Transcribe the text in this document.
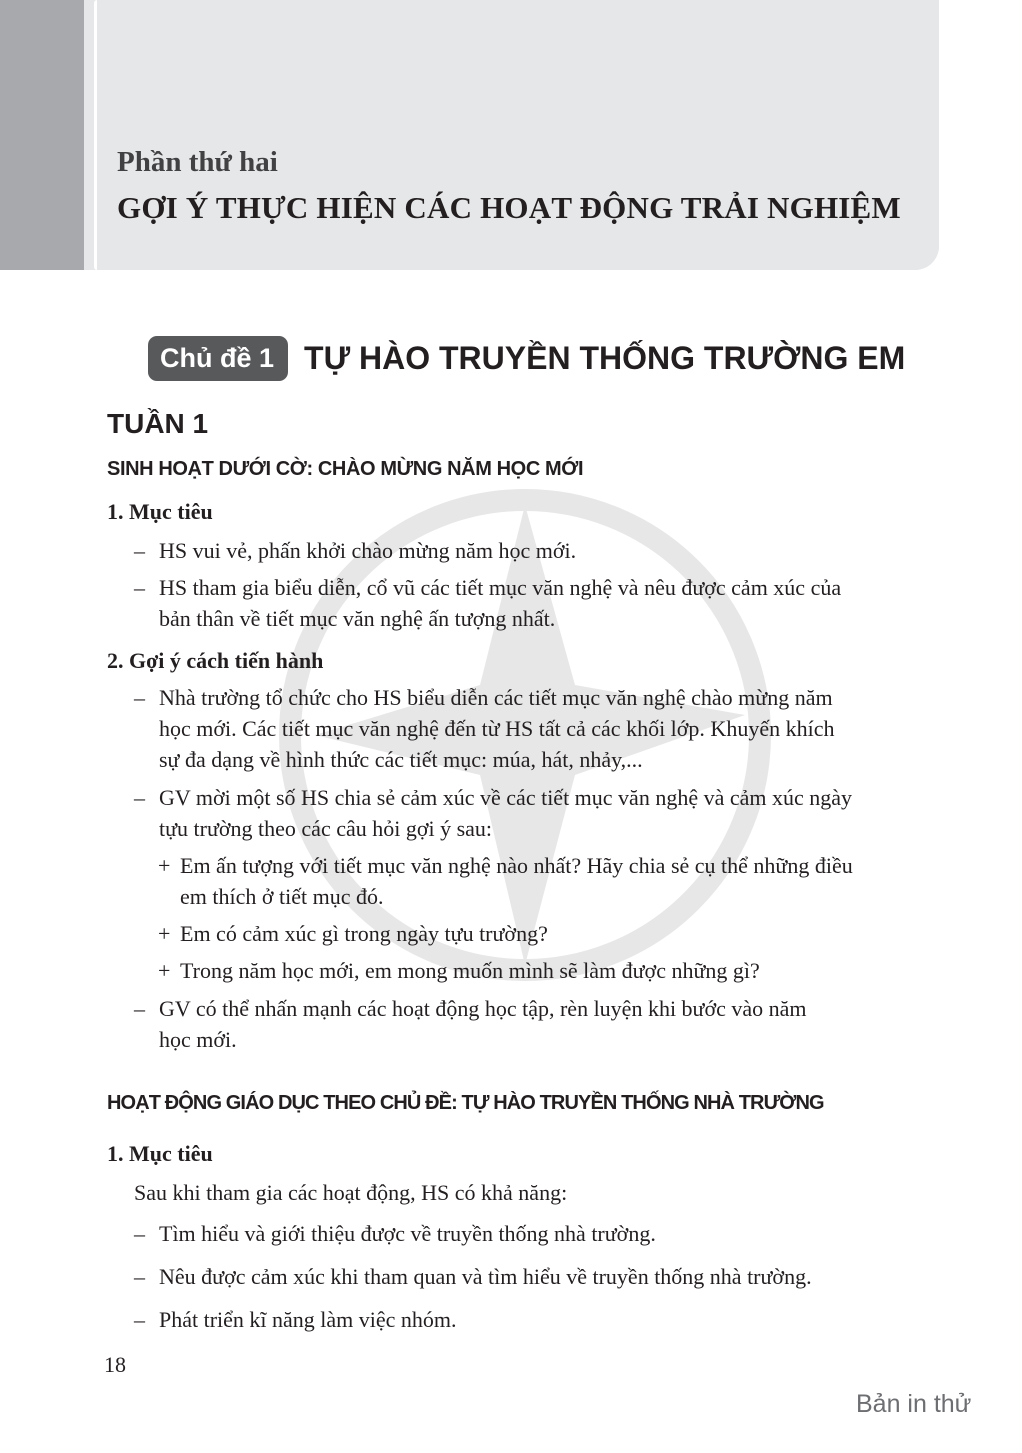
Phần thứ hai
GỢI Ý THỰC HIỆN CÁC HOẠT ĐỘNG TRẢI NGHIỆM
Chủ đề 1 TỰ HÀO TRUYỀN THỐNG TRƯỜNG EM
TUẦN 1
SINH HOẠT DƯỚI CỜ: CHÀO MỪNG NĂM HỌC MỚI
1. Mục tiêu
– HS vui vẻ, phấn khởi chào mừng năm học mới.
– HS tham gia biểu diễn, cổ vũ các tiết mục văn nghệ và nêu được cảm xúc của
bản thân về tiết mục văn nghệ ấn tượng nhất.
2. Gợi ý cách tiến hành
– Nhà trường tổ chức cho HS biểu diễn các tiết mục văn nghệ chào mừng năm
học mới. Các tiết mục văn nghệ đến từ HS tất cả các khối lớp. Khuyến khích
sự đa dạng về hình thức các tiết mục: múa, hát, nhảy,...
– GV mời một số HS chia sẻ cảm xúc về các tiết mục văn nghệ và cảm xúc ngày
tựu trường theo các câu hỏi gợi ý sau:
+ Em ấn tượng với tiết mục văn nghệ nào nhất? Hãy chia sẻ cụ thể những điều
em thích ở tiết mục đó.
+ Em có cảm xúc gì trong ngày tựu trường?
+ Trong năm học mới, em mong muốn mình sẽ làm được những gì?
– GV có thể nhấn mạnh các hoạt động học tập, rèn luyện khi bước vào năm
học mới.
HOẠT ĐỘNG GIÁO DỤC THEO CHỦ ĐỀ: TỰ HÀO TRUYỀN THỐNG NHÀ TRƯỜNG
1. Mục tiêu
Sau khi tham gia các hoạt động, HS có khả năng:
– Tìm hiểu và giới thiệu được về truyền thống nhà trường.
– Nêu được cảm xúc khi tham quan và tìm hiểu về truyền thống nhà trường.
– Phát triển kĩ năng làm việc nhóm.
18
Bản in thử
